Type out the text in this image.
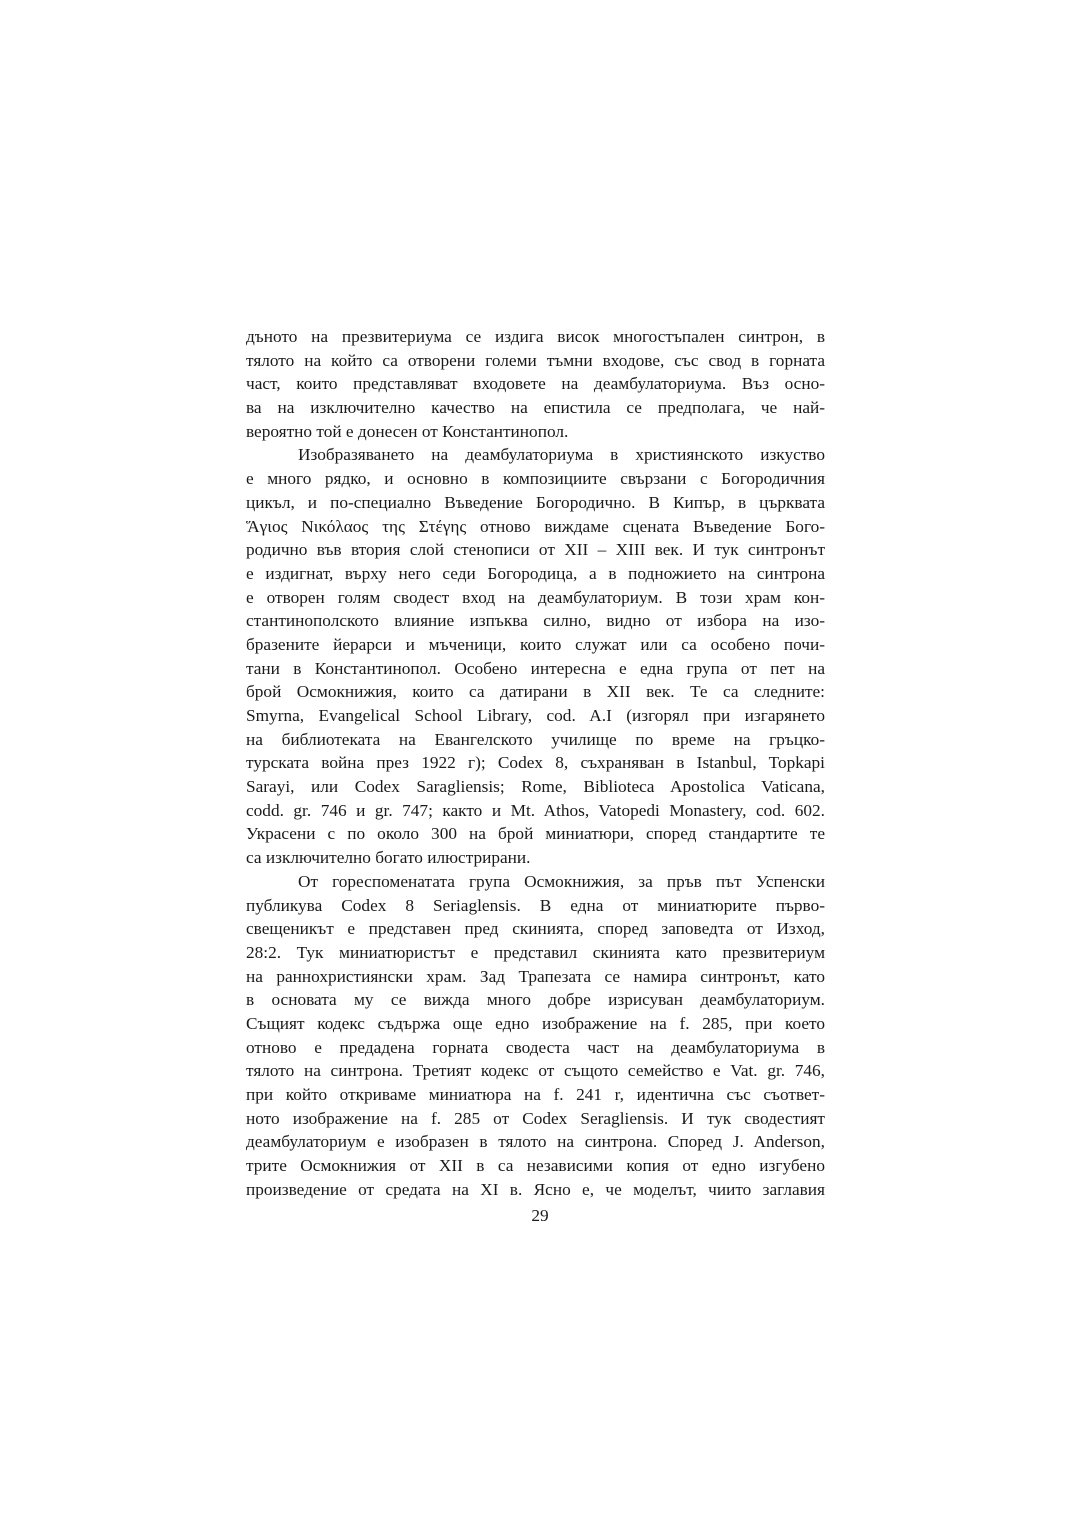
дъното на презвитериума се издига висок многостъпален синтрон, в
тялото на който са отворени големи тъмни входове, със свод в горната
част, които представляват входовете на деамбулаториума. Въз осно-
ва на изключително качество на епистила се предполага, че най-
вероятно той е донесен от Константинопол.
Изобразяването на деамбулаториума в християнското изкуство
е много рядко, и основно в композициите свързани с Богородичния
цикъл, и по-специално Въведение Богородично. В Кипър, в църквата
Ἅγιος Νικόλαος της Στέγης отново виждаме сцената Въведение Бого-
родично във втория слой стенописи от XII – XIII век. И тук синтронът
е издигнат, върху него седи Богородица, а в подножието на синтрона
е отворен голям сводест вход на деамбулаториум. В този храм кон-
стантинополското влияние изпъква силно, видно от избора на изо-
бразените йерарси и мъченици, които служат или са особено почи-
тани в Константинопол. Особено интересна е една група от пет на
брой Осмокнижия, които са датирани в XII век. Те са следните:
Smyrna, Evangelical School Library, cod. A.I (изгорял при изгарянето
на библиотеката на Евангелското училище по време на гръцко-
турската война през 1922 г); Codex 8, съхраняван в Istanbul, Topkapi
Sarayi, или Codex Saragliensis; Rome, Biblioteca Apostolica Vaticana,
codd. gr. 746 и gr. 747; както и Mt. Athos, Vatopedi Monastery, cod. 602.
Украсени с по около 300 на брой миниатюри, според стандартите те
са изключително богато илюстрирани.
От гореспоменатата група Осмокнижия, за пръв път Успенски
публикува Codex 8 Seriaglensis. В една от миниатюрите първо-
свещеникът е представен пред скинията, според заповедта от Изход,
28:2. Тук миниатюристът е представил скинията като презвитериум
на раннохристиянски храм. Зад Трапезата се намира синтронът, като
в основата му се вижда много добре изрисуван деамбулаториум.
Същият кодекс съдържа още едно изображение на f. 285, при което
отново е предадена горната сводеста част на деамбулаториума в
тялото на синтрона. Третият кодекс от същото семейство е Vat. gr. 746,
при който откриваме миниатюра на f. 241 r, идентична със съответ-
ното изображение на f. 285 от Codex Seragliensis. И тук сводестият
деамбулаториум е изобразен в тялото на синтрона. Според J. Anderson,
трите Осмокнижия от XII в са независими копия от едно изгубено
произведение от средата на XI в. Ясно е, че моделът, чиито заглавия
29
